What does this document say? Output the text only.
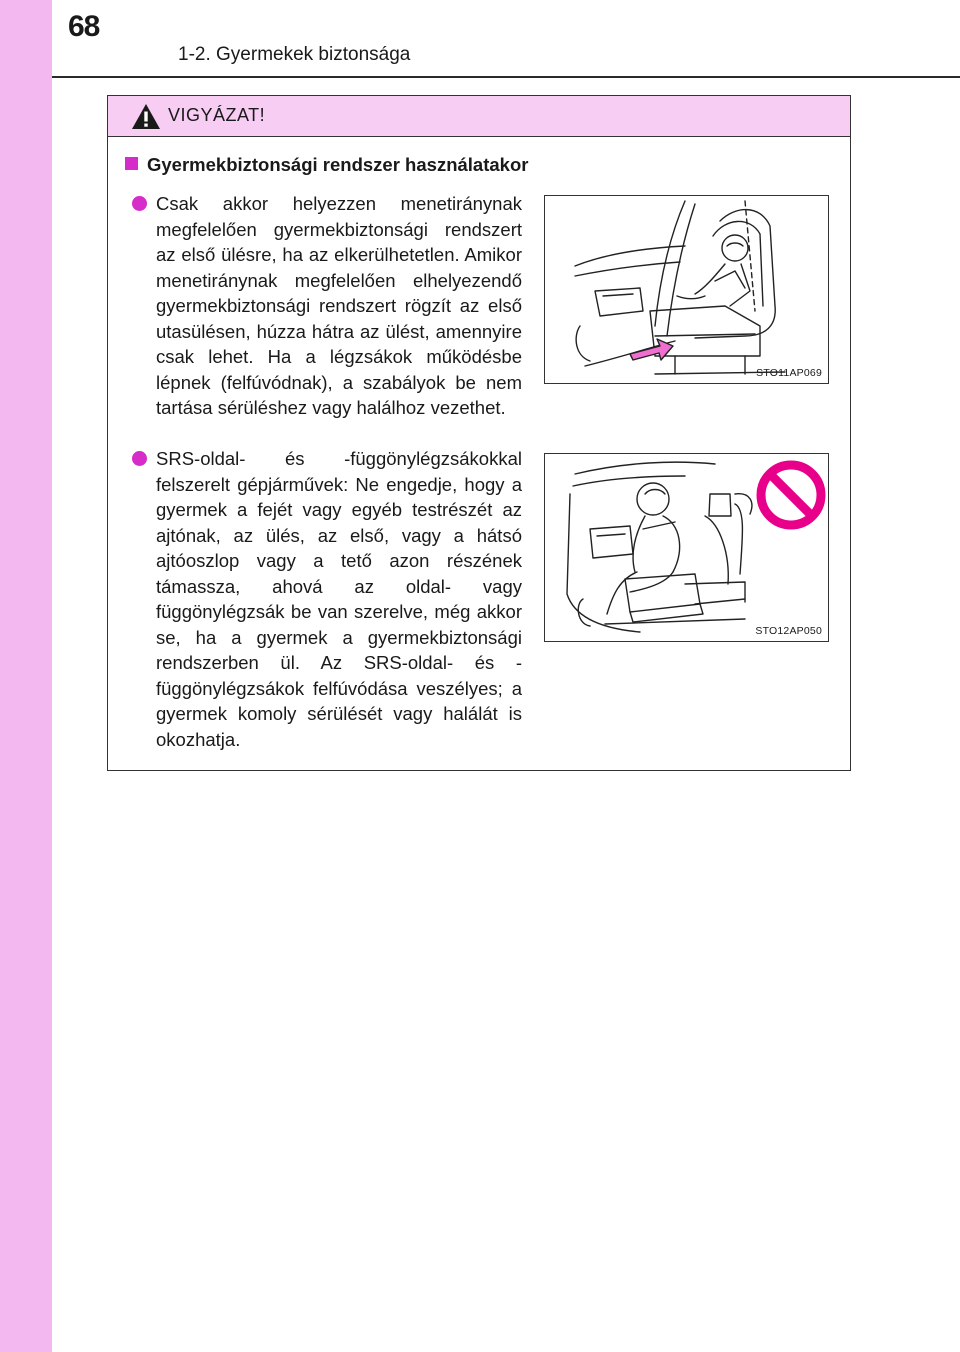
68
1-2. Gyermekek biztonsága
VIGYÁZAT!
Gyermekbiztonsági rendszer használatakor

Csak akkor helyezzen menetiránynak megfelelően gyermekbiztonsági rendszert az első ülésre, ha az elkerülhetetlen. Amikor menetiránynak megfelelően elhelyezendő gyermekbiztonsági rendszert rögzít az első utasülésen, húzza hátra az ülést, amennyire csak lehet. Ha a légzsákok működésbe lépnek (felfúvódnak), a szabályok be nem tartása sérüléshez vagy halálhoz vezethet.

SRS-oldal- és -függönylégzsákokkal felszerelt gépjárművek: Ne engedje, hogy a gyermek a fejét vagy egyéb testrészét az ajtónak, az ülés, az első, vagy a hátsó ajtóoszlop vagy a tető azon részének támassza, ahová az oldal- vagy függönylégzsák be van szerelve, még akkor se, ha a gyermek a gyermekbiztonsági rendszerben ül. Az SRS-oldal- és -függönylégzsákok felfúvódása veszélyes; a gyermek komoly sérülését vagy halálát is okozhatja.

STO11AP069
STO12AP050
